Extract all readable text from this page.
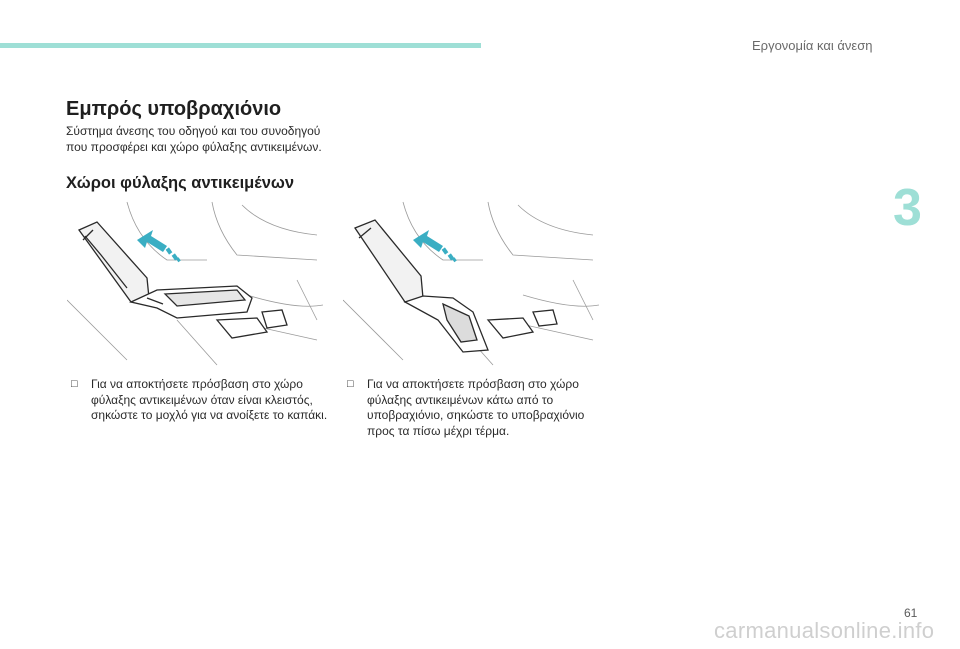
Εργονομία και άνεση
3
Εμπρός υποβραχιόνιο
Σύστημα άνεσης του οδηγού και του συνοδηγού που προσφέρει και χώρο φύλαξης αντικειμένων.
Χώροι φύλαξης αντικειμένων
□	Για να αποκτήσετε πρόσβαση στο χώρο φύλαξης αντικειμένων όταν είναι κλειστός, σηκώστε το μοχλό για να ανοίξετε το καπάκι.
□	Για να αποκτήσετε πρόσβαση στο χώρο φύλαξης αντικειμένων κάτω από το υποβραχιόνιο, σηκώστε το υποβραχιόνιο προς τα πίσω μέχρι τέρμα.
61
carmanualsonline.info
